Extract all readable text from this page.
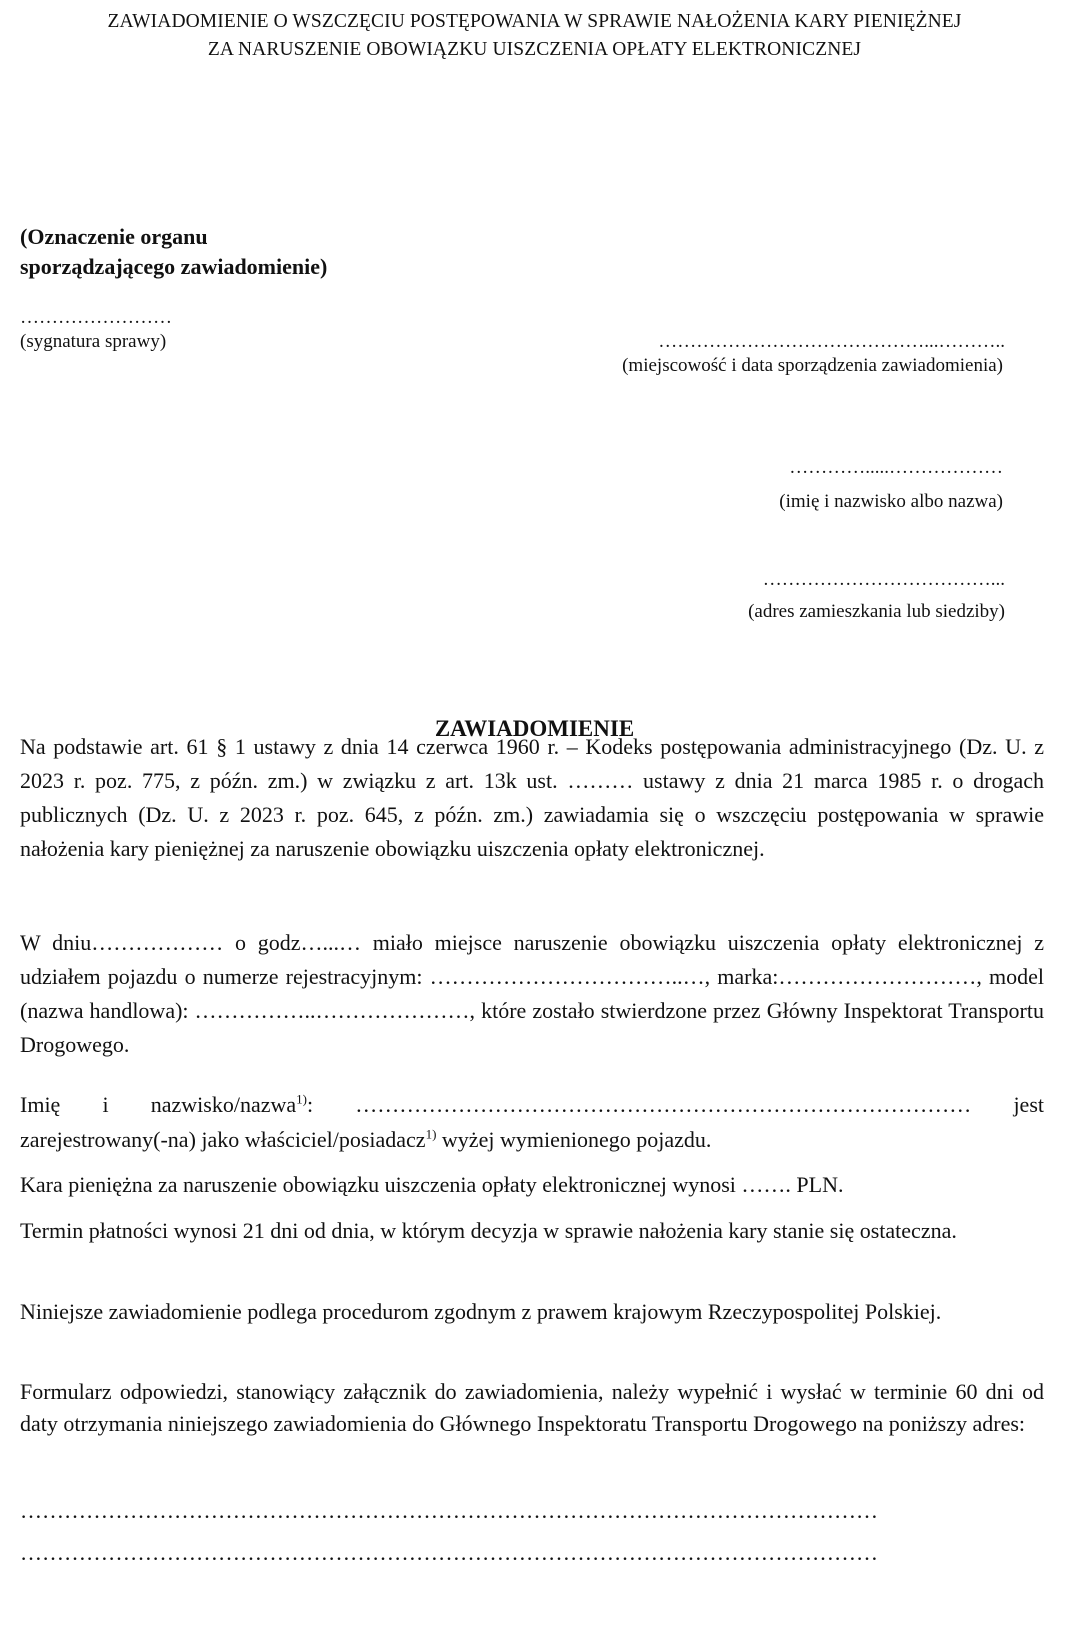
ZAWIADOMIENIE O WSZCZĘCIU POSTĘPOWANIA W SPRAWIE NAŁOŻENIA KARY PIENIĘŻNEJ
ZA NARUSZENIE OBOWIĄZKU UISZCZENIA OPŁATY ELEKTRONICZNEJ
(Oznaczenie organu
sporządzającego zawiadomienie)
……………………
(sygnatura sprawy)	……………………………………...………..
(miejscowość i data sporządzenia zawiadomienia)
………….....………………
(imię i nazwisko albo nazwa)
………………………………...
(adres zamieszkania lub siedziby)
ZAWIADOMIENIE
Na podstawie art. 61 § 1 ustawy z dnia 14 czerwca 1960 r. – Kodeks postępowania administracyjnego (Dz. U. z 2023 r. poz. 775, z późn. zm.) w związku z art. 13k ust. ……… ustawy z dnia 21 marca 1985 r. o drogach publicznych (Dz. U. z 2023 r. poz. 645, z późn. zm.) zawiadamia się o wszczęciu postępowania w sprawie nałożenia kary pieniężnej za naruszenie obowiązku uiszczenia opłaty elektronicznej.
W dniu……………… o godz…...… miało miejsce naruszenie obowiązku uiszczenia opłaty elektronicznej z udziałem pojazdu o numerze rejestracyjnym: ……………………………..…, marka:………………………, model (nazwa handlowa): ……………..…………………, które zostało stwierdzone przez Główny Inspektorat Transportu Drogowego.
Imię i nazwisko/nazwa$^{1)}$: ………………………………………………………………………… jest zarejestrowany(-na) jako właściciel/posiadacz$^{1)}$ wyżej wymienionego pojazdu.
Kara pieniężna za naruszenie obowiązku uiszczenia opłaty elektronicznej wynosi ……. PLN.
Termin płatności wynosi 21 dni od dnia, w którym decyzja w sprawie nałożenia kary stanie się ostateczna.
Niniejsze zawiadomienie podlega procedurom zgodnym z prawem krajowym Rzeczypospolitej Polskiej.
Formularz odpowiedzi, stanowiący załącznik do zawiadomienia, należy wypełnić i wysłać w terminie 60 dni od daty otrzymania niniejszego zawiadomienia do Głównego Inspektoratu Transportu Drogowego na poniższy adres:
………………………………………………………………………………………………………
………………………………………………………………………………………………………
